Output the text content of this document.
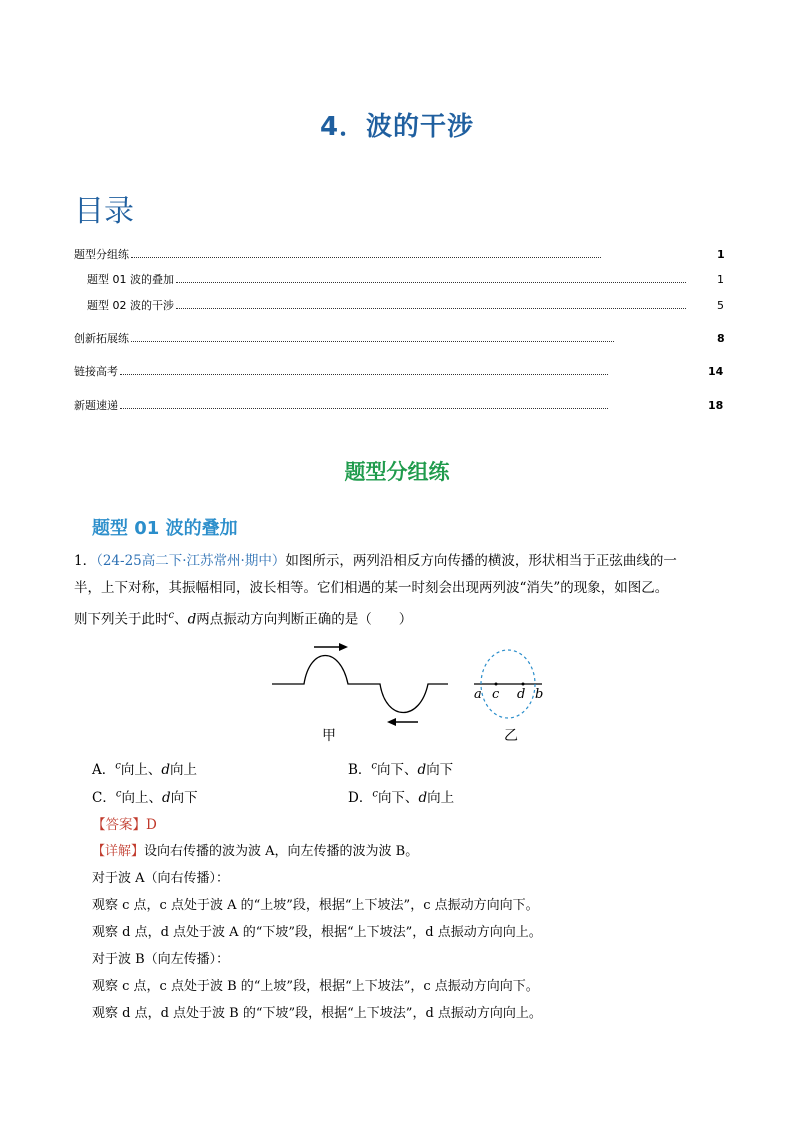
4．波的干涉
目录
题型分组练	1
题型 01 波的叠加	1
题型 02 波的干涉	5
创新拓展练	8
链接高考	14
新题速递	18
题型分组练
题型 01 波的叠加
1．（24-25高二下·江苏常州·期中）如图所示，两列沿相反方向传播的横波，形状相当于正弦曲线的一
半，上下对称，其振幅相同，波长相等。它们相遇的某一时刻会出现两列波“消失”的现象，如图乙。
则下列关于此时$^c$、d两点振动方向判断正确的是（　　）
a c d b
甲	乙
A．$^c$向上、d向上	B．$^c$向下、d向下
C．$^c$向上、d向下	D．$^c$向下、d向上
【答案】D
【详解】设向右传播的波为波 A，向左传播的波为波 B。
对于波 A（向右传播）：
观察 c 点，c 点处于波 A 的“上坡”段，根据“上下坡法”，c 点振动方向向下。
观察 d 点，d 点处于波 A 的“下坡”段，根据“上下坡法”，d 点振动方向向上。
对于波 B（向左传播）：
观察 c 点，c 点处于波 B 的“上坡”段，根据“上下坡法”，c 点振动方向向下。
观察 d 点，d 点处于波 B 的“下坡”段，根据“上下坡法”，d 点振动方向向上。
